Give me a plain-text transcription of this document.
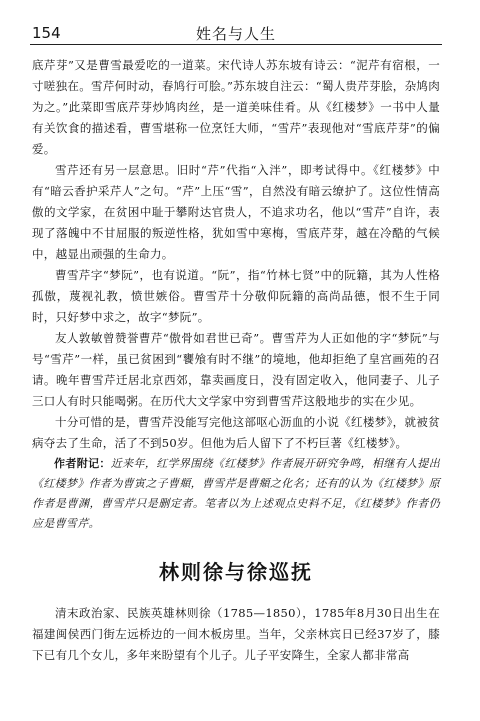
154	姓名与人生

底芹芽”又是曹雪最爱吃的一道菜。宋代诗人苏东坡有诗云：“泥芹有宿根，一寸嗟独在。雪芹何时动，春鸠行可脍。”苏东坡自注云：“蜀人贵芹芽脍，杂鸠肉为之。”此菜即雪底芹芽炒鸠肉丝，是一道美味佳肴。从《红楼梦》一书中人量有关饮食的描述看，曹雪堪称一位烹饪大师，“雪芹”表现他对“雪底芹芽”的偏爱。

雪芹还有另一层意思。旧时“芹”代指“入泮”，即考试得中。《红楼梦》中有“暗云香护采芹人”之句。“芹”上压“雪”，自然没有暗云缭护了。这位性情高傲的文学家，在贫困中耻于攀附达官贵人，不追求功名，他以“雪芹”自许，表现了落魄中不甘屈服的叛逆性格，犹如雪中寒梅，雪底芹芽，越在冷酷的气候中，越显出顽强的生命力。

曹雪芹字“梦阮”，也有说道。“阮”，指“竹林七贤”中的阮籍，其为人性格孤傲，蔑视礼教，愤世嫉俗。曹雪芹十分敬仰阮籍的高尚品德，恨不生于同时，只好梦中求之，故字“梦阮”。

友人敦敏曾赞誉曹芹“傲骨如君世已奇”。曹雪芹为人正如他的字“梦阮”与号“雪芹”一样，虽已贫困到“饔飧有时不继”的境地，他却拒绝了皇宫画苑的召请。晚年曹雪芹迁居北京西郊，靠卖画度日，没有固定收入，他同妻子、儿子三口人有时只能喝粥。在历代大文学家中穷到曹雪芹这般地步的实在少见。

十分可惜的是，曹雪芹没能写完他这部呕心沥血的小说《红楼梦》，就被贫病夺去了生命，活了不到50岁。但他为后人留下了不朽巨著《红楼梦》。

作者附记：近来年，红学界围绕《红楼梦》作者展开研究争鸣，相继有人提出《红楼梦》作者为曹寅之子曹頫，曹雪芹是曹頫之化名；还有的认为《红楼梦》原作者是曹渊，曹雪芹只是删定者。笔者以为上述观点史料不足，《红楼梦》作者仍应是曹雪芹。

林则徐与徐巡抚

清末政治家、民族英雄林则徐（1785—1850），1785年8月30日出生在福建闽侯西门街左远桥边的一间木板房里。当年，父亲林宾日已经37岁了，膝下已有几个女儿，多年来盼望有个儿子。儿子平安降生，全家人都非常高
